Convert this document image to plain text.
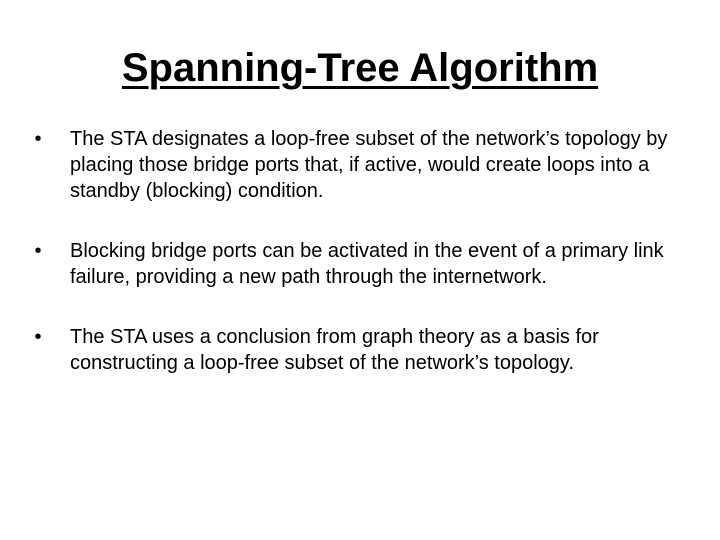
Spanning-Tree Algorithm
•	The STA designates a loop-free subset of the network’s topology by placing those bridge ports that, if active, would create loops into a standby (blocking) condition.
•	Blocking bridge ports can be activated in the event of a primary link failure, providing a new path through the internetwork.
•	The STA uses a conclusion from graph theory as a basis for constructing a loop-free subset of the network’s topology.
